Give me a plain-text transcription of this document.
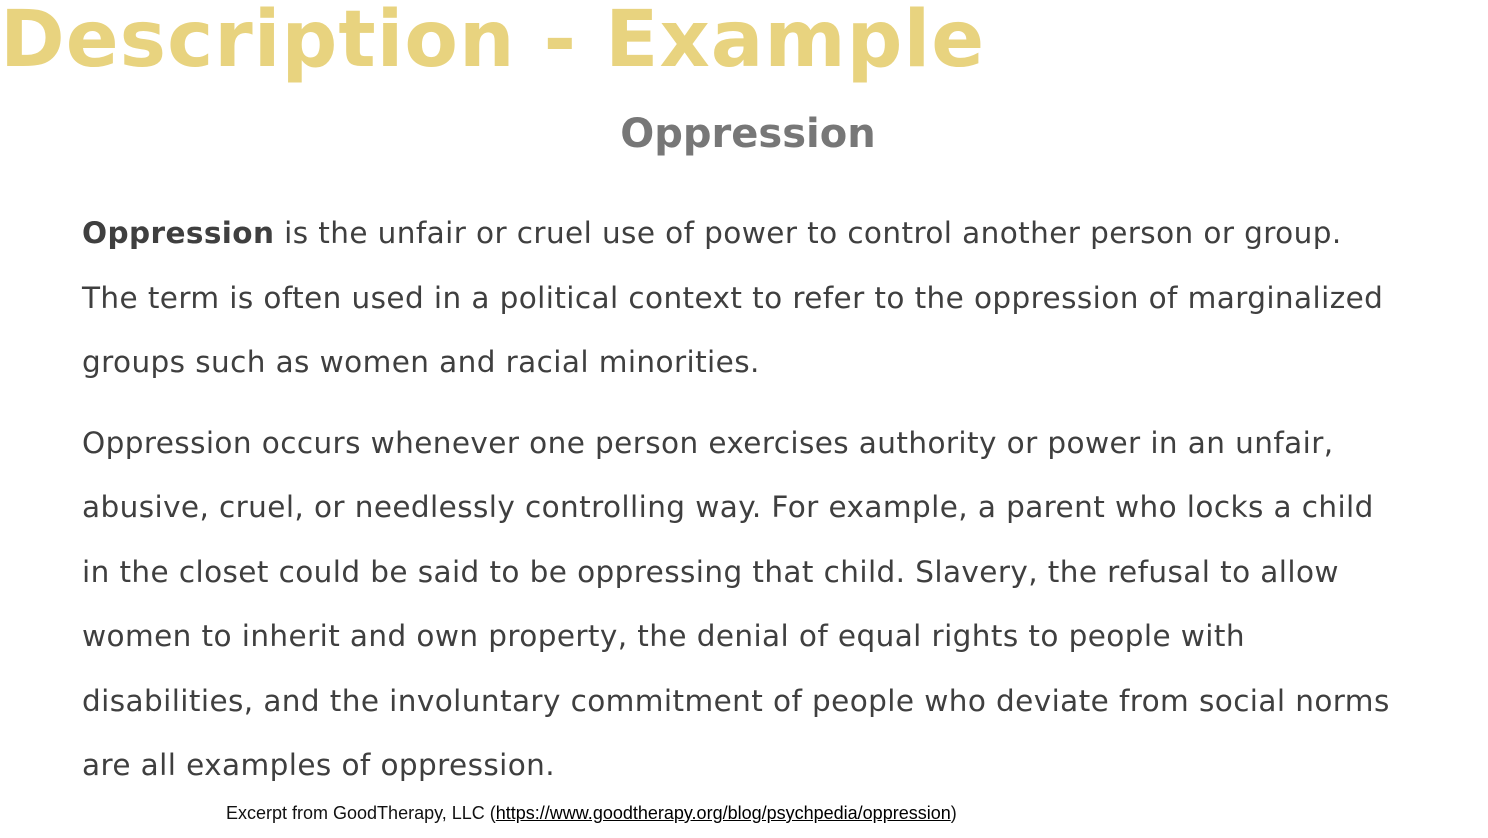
Description - Example
Oppression

Oppression is the unfair or cruel use of power to control another person or group. The term is often used in a political context to refer to the oppression of marginalized groups such as women and racial minorities.

Oppression occurs whenever one person exercises authority or power in an unfair, abusive, cruel, or needlessly controlling way. For example, a parent who locks a child in the closet could be said to be oppressing that child. Slavery, the refusal to allow women to inherit and own property, the denial of equal rights to people with disabilities, and the involuntary commitment of people who deviate from social norms are all examples of oppression.

Excerpt from GoodTherapy, LLC (https://www.goodtherapy.org/blog/psychpedia/oppression)
